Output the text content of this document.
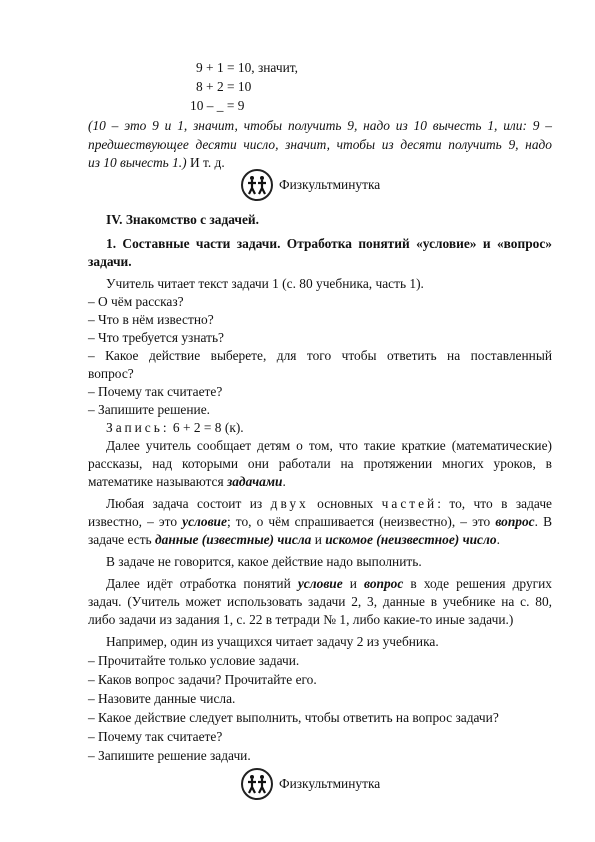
9 + 1 = 10, значит,
8 + 2 = 10
10 – _ = 9
(10 – это 9 и 1, значит, чтобы получить 9, надо из 10 вычесть 1, или: 9 –
предшествующее десяти число, значит, чтобы из десяти получить 9, надо
из 10 вычесть 1.) И т. д.
Физкультминутка
IV. Знакомство с задачей.
1. Составные части задачи. Отработка понятий «условие» и «вопрос»
задачи.
Учитель читает текст задачи 1 (с. 80 учебника, часть 1).
– О чём рассказ?
– Что в нём известно?
– Что требуется узнать?
– Какое действие выберете, для того чтобы ответить на поставленный
вопрос?
– Почему так считаете?
– Запишите решение.
Запись: 6 + 2 = 8 (к).
Далее учитель сообщает детям о том, что такие краткие (математические)
рассказы, над которыми они работали на протяжении многих уроков, в
математике называются задачами.
Любая задача состоит из двух основных частей: то, что в задаче
известно, – это условие; то, о чём спрашивается (неизвестно), – это вопрос. В
задаче есть данные (известные) числа и искомое (неизвестное) число.
В задаче не говорится, какое действие надо выполнить.
Далее идёт отработка понятий условие и вопрос в ходе решения других
задач. (Учитель может использовать задачи 2, 3, данные в учебнике на с. 80,
либо задачи из задания 1, с. 22 в тетради № 1, либо какие-то иные задачи.)
Например, один из учащихся читает задачу 2 из учебника.
– Прочитайте только условие задачи.
– Каков вопрос задачи? Прочитайте его.
– Назовите данные числа.
– Какое действие следует выполнить, чтобы ответить на вопрос задачи?
– Почему так считаете?
– Запишите решение задачи.
Физкультминутка
